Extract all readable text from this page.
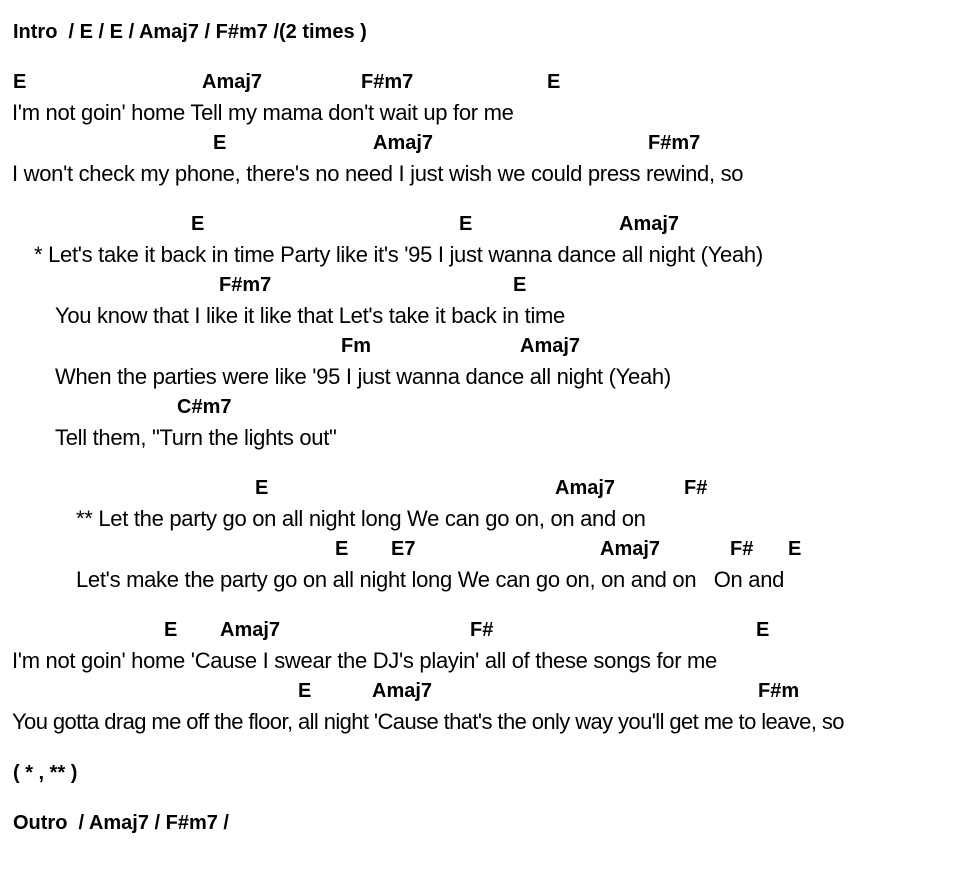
Intro  / E / E / Amaj7 / F#m7 /(2 times )
E	Amaj7	F#m7	E
I'm not goin' home Tell my mama don't wait up for me
E	Amaj7	F#m7
I won't check my phone, there's no need I just wish we could press rewind, so
E	E	Amaj7
* Let's take it back in time Party like it's '95 I just wanna dance all night (Yeah)
F#m7	E
You know that I like it like that Let's take it back in time
Fm	Amaj7
When the parties were like '95 I just wanna dance all night (Yeah)
C#m7
Tell them, "Turn the lights out"
E	Amaj7	F#
** Let the party go on all night long We can go on, on and on
E E7	Amaj7	F# E
Let's make the party go on all night long We can go on, on and on   On and
E Amaj7	F#	E
I'm not goin' home 'Cause I swear the DJ's playin' all of these songs for me
E	Amaj7	F#m
You gotta drag me off the floor, all night 'Cause that's the only way you'll get me to leave, so
( * , ** )
Outro  / Amaj7 / F#m7 /
